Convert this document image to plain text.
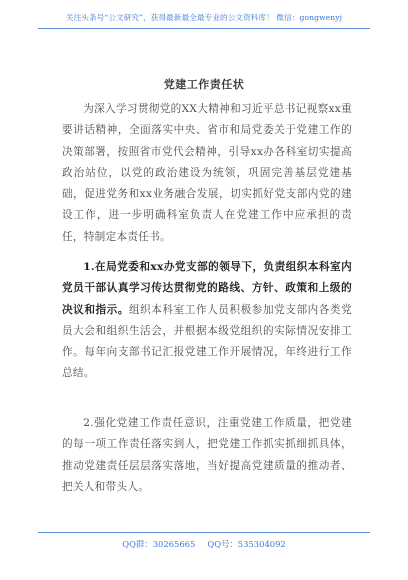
关注头条号“公文研究”，获得最新最全最专业的公文资料库！ 微信：gongwenyj
党建工作责任状
为深入学习贯彻党的XX大精神和习近平总书记视察xx重要讲话精神，全面落实中央、省市和局党委关于党建工作的决策部署，按照省市党代会精神，引导xx办各科室切实提高政治站位，以党的政治建设为统领，巩固完善基层党建基础，促进党务和xx业务融合发展，切实抓好党支部内党的建设工作，进一步明确科室负责人在党建工作中应承担的责任，特制定本责任书。
1.在局党委和xx办党支部的领导下，负责组织本科室内党员干部认真学习传达贯彻党的路线、方针、政策和上级的决议和指示。组织本科室工作人员积极参加党支部内各类党员大会和组织生活会，并根据本级党组织的实际情况安排工作。每年向支部书记汇报党建工作开展情况，年终进行工作总结。
2.强化党建工作责任意识，注重党建工作质量，把党建的每一项工作责任落实到人，把党建工作抓实抓细抓具体，推动党建责任层层落实落地，当好提高党建质量的推动者、把关人和带头人。
QQ群：30265665 QQ号：535304092
